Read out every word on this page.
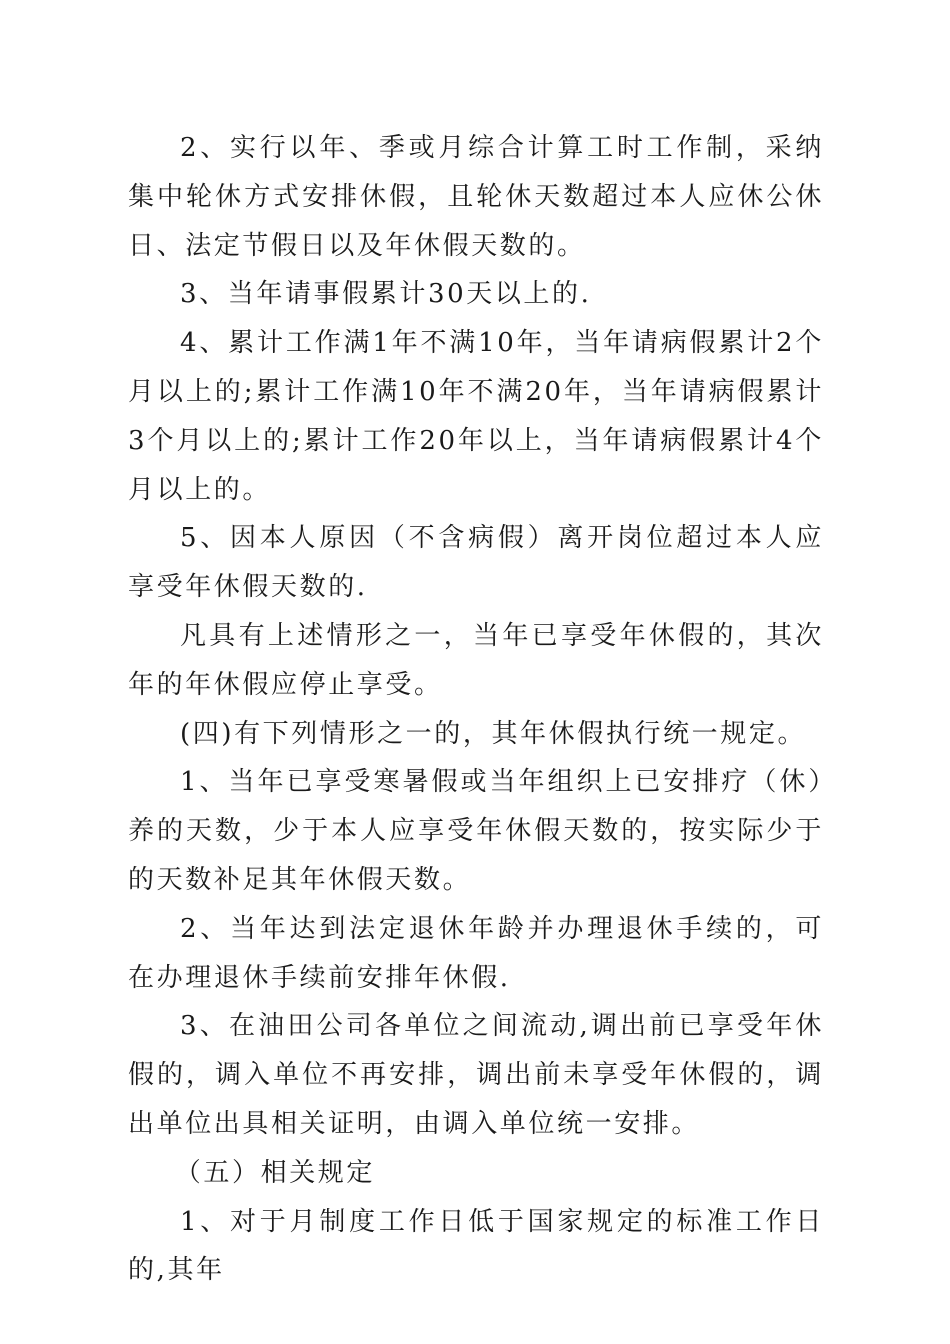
2、实行以年、季或月综合计算工时工作制，采纳集中轮休方式安排休假，且轮休天数超过本人应休公休日、法定节假日以及年休假天数的。

3、当年请事假累计30天以上的.

4、累计工作满1年不满10年，当年请病假累计2个月以上的;累计工作满10年不满20年，当年请病假累计3个月以上的;累计工作20年以上，当年请病假累计4个月以上的。

5、因本人原因（不含病假）离开岗位超过本人应享受年休假天数的.

凡具有上述情形之一，当年已享受年休假的，其次年的年休假应停止享受。

(四)有下列情形之一的，其年休假执行统一规定。

1、当年已享受寒暑假或当年组织上已安排疗（休）养的天数，少于本人应享受年休假天数的，按实际少于的天数补足其年休假天数。

2、当年达到法定退休年龄并办理退休手续的，可在办理退休手续前安排年休假.

3、在油田公司各单位之间流动,调出前已享受年休假的，调入单位不再安排，调出前未享受年休假的，调出单位出具相关证明，由调入单位统一安排。

（五）相关规定

1、对于月制度工作日低于国家规定的标准工作日的,其年
